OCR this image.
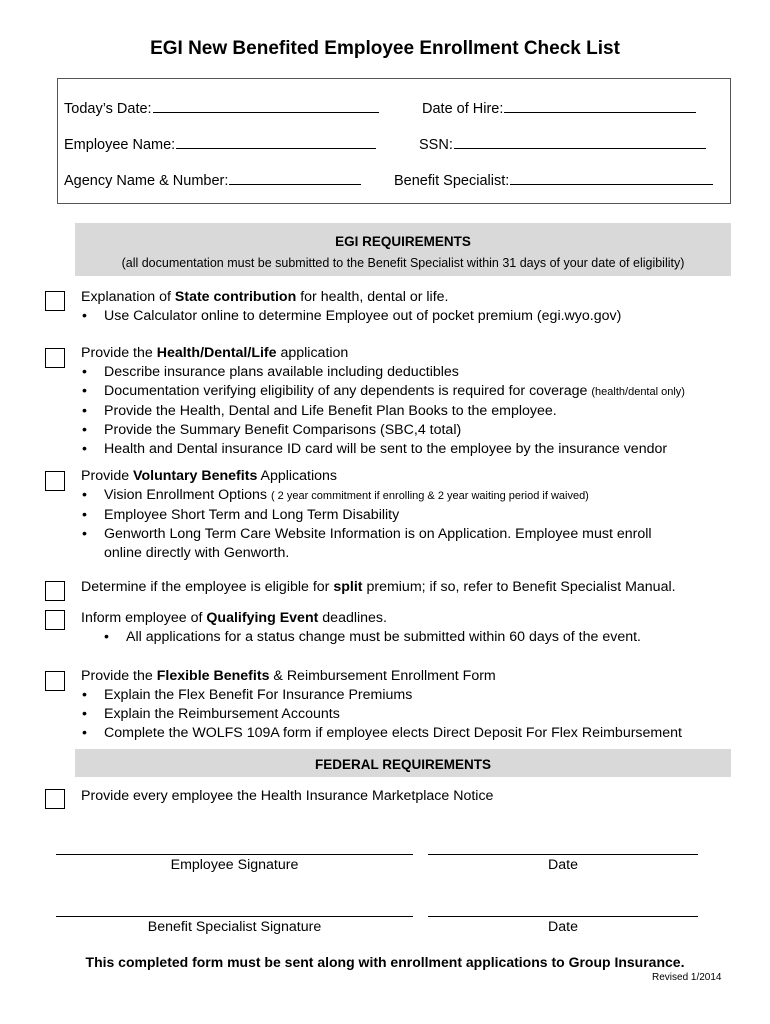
EGI New Benefited Employee Enrollment Check List
Today’s Date:	Date of Hire:
Employee Name:	SSN:
Agency Name & Number:	Benefit Specialist:
EGI REQUIREMENTS
(all documentation must be submitted to the Benefit Specialist within 31 days of your date of eligibility)
Explanation of State contribution for health, dental or life.
• Use Calculator online to determine Employee out of pocket premium (egi.wyo.gov)
Provide the Health/Dental/Life application
• Describe insurance plans available including deductibles
• Documentation verifying eligibility of any dependents is required for coverage (health/dental only)
• Provide the Health, Dental and Life Benefit Plan Books to the employee.
• Provide the Summary Benefit Comparisons (SBC,4 total)
• Health and Dental insurance ID card will be sent to the employee by the insurance vendor
Provide Voluntary Benefits Applications
• Vision Enrollment Options ( 2 year commitment if enrolling & 2 year waiting period if waived)
• Employee Short Term and Long Term Disability
• Genworth Long Term Care Website Information is on Application. Employee must enroll
online directly with Genworth.
Determine if the employee is eligible for split premium; if so, refer to Benefit Specialist Manual.
Inform employee of Qualifying Event deadlines.
• All applications for a status change must be submitted within 60 days of the event.
Provide the Flexible Benefits & Reimbursement Enrollment Form
• Explain the Flex Benefit For Insurance Premiums
• Explain the Reimbursement Accounts
• Complete the WOLFS 109A form if employee elects Direct Deposit For Flex Reimbursement
FEDERAL REQUIREMENTS
Provide every employee the Health Insurance Marketplace Notice
Employee Signature	Date
Benefit Specialist Signature	Date
This completed form must be sent along with enrollment applications to Group Insurance.
Revised 1/2014
